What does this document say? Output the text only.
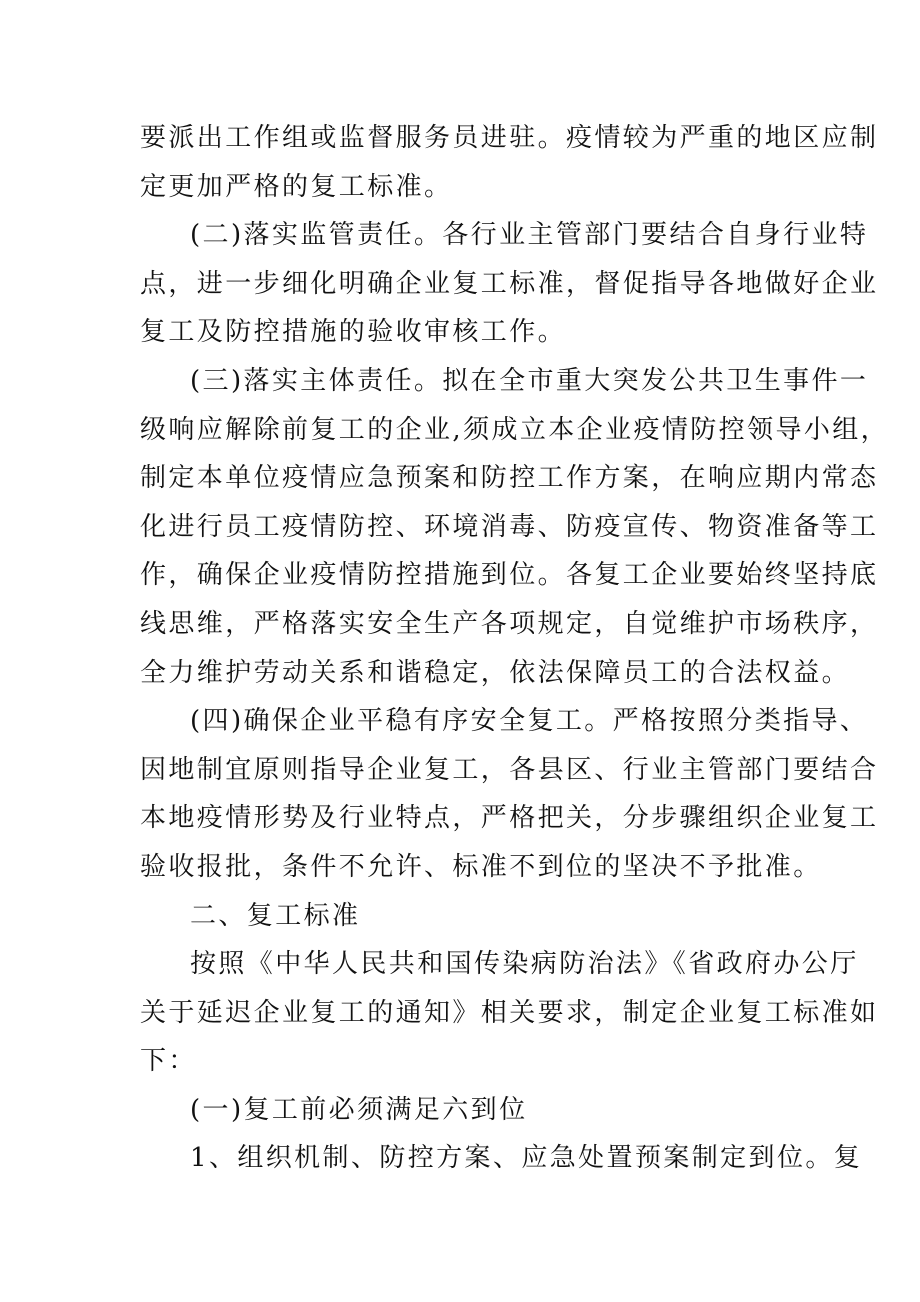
要派出工作组或监督服务员进驻。疫情较为严重的地区应制
定更加严格的复工标准。
(二)落实监管责任。各行业主管部门要结合自身行业特
点，进一步细化明确企业复工标准，督促指导各地做好企业
复工及防控措施的验收审核工作。
(三)落实主体责任。拟在全市重大突发公共卫生事件一
级响应解除前复工的企业,须成立本企业疫情防控领导小组，
制定本单位疫情应急预案和防控工作方案，在响应期内常态
化进行员工疫情防控、环境消毒、防疫宣传、物资准备等工
作，确保企业疫情防控措施到位。各复工企业要始终坚持底
线思维，严格落实安全生产各项规定，自觉维护市场秩序，
全力维护劳动关系和谐稳定，依法保障员工的合法权益。
(四)确保企业平稳有序安全复工。严格按照分类指导、
因地制宜原则指导企业复工，各县区、行业主管部门要结合
本地疫情形势及行业特点，严格把关，分步骤组织企业复工
验收报批，条件不允许、标准不到位的坚决不予批准。
二、复工标准
按照《中华人民共和国传染病防治法》《省政府办公厅
关于延迟企业复工的通知》相关要求，制定企业复工标准如
下：
(一)复工前必须满足六到位
1、组织机制、防控方案、应急处置预案制定到位。复
